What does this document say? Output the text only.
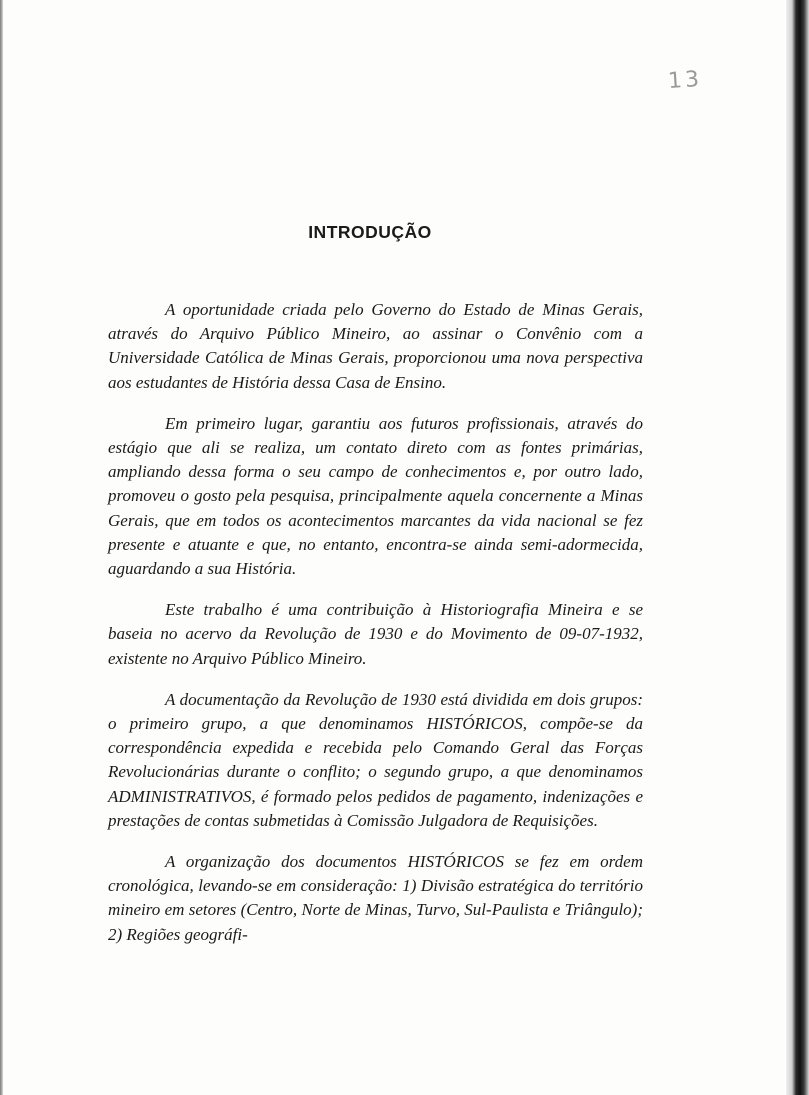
13
INTRODUÇÃO

A oportunidade criada pelo Governo do Estado de Minas Gerais, através do Arquivo Público Mineiro, ao assinar o Convênio com a Universidade Católica de Minas Gerais, proporcionou uma nova perspectiva aos estudantes de História dessa Casa de Ensino.

Em primeiro lugar, garantiu aos futuros profissionais, através do estágio que ali se realiza, um contato direto com as fontes primárias, ampliando dessa forma o seu campo de conhecimentos e, por outro lado, promoveu o gosto pela pesquisa, principalmente aquela concernente a Minas Gerais, que em todos os acontecimentos marcantes da vida nacional se fez presente e atuante e que, no entanto, encontra-se ainda semi-adormecida, aguardando a sua História.

Este trabalho é uma contribuição à Historiografia Mineira e se baseia no acervo da Revolução de 1930 e do Movimento de 09-07-1932, existente no Arquivo Público Mineiro.

A documentação da Revolução de 1930 está dividida em dois grupos: o primeiro grupo, a que denominamos HISTÓRICOS, compõe-se da correspondência expedida e recebida pelo Comando Geral das Forças Revolucionárias durante o conflito; o segundo grupo, a que denominamos ADMINISTRATIVOS, é formado pelos pedidos de pagamento, indenizações e prestações de contas submetidas à Comissão Julgadora de Requisições.

A organização dos documentos HISTÓRICOS se fez em ordem cronológica, levando-se em consideração: 1) Divisão estratégica do território mineiro em setores (Centro, Norte de Minas, Turvo, Sul-Paulista e Triângulo); 2) Regiões geográfi-
